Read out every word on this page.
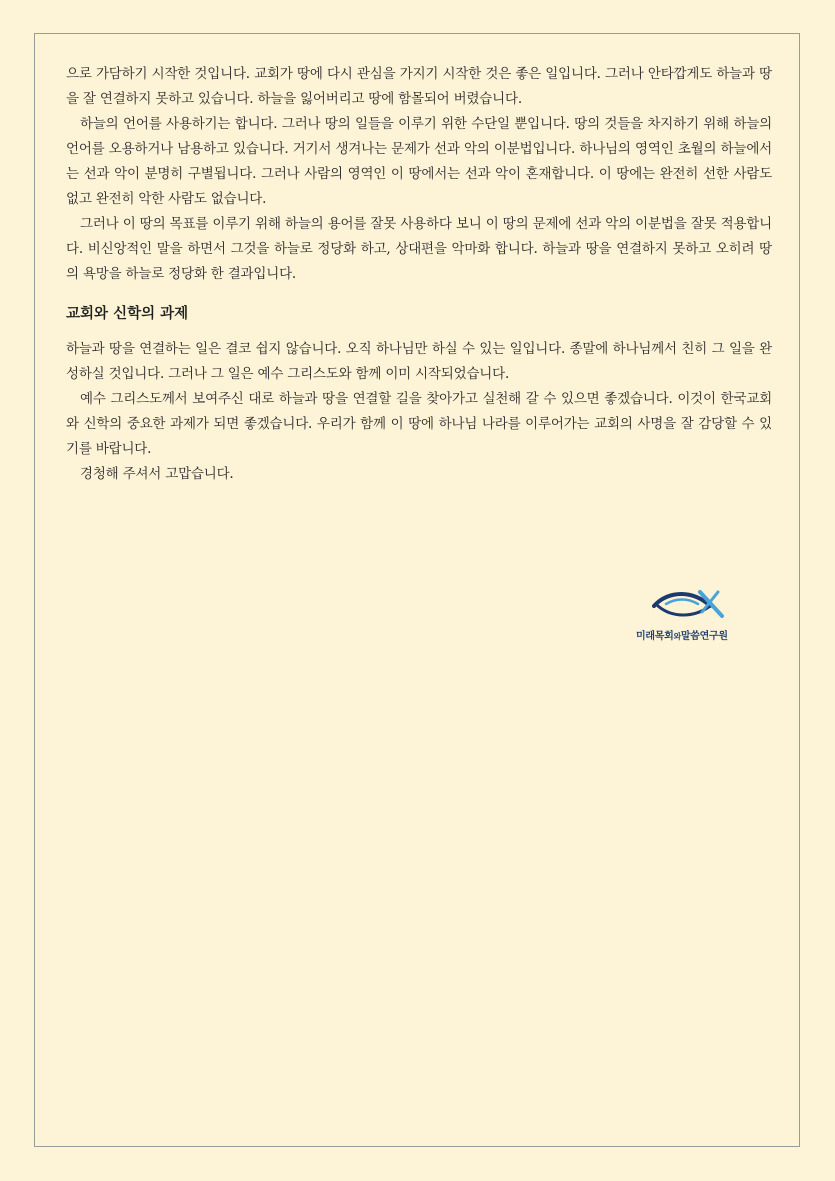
으로 가담하기 시작한 것입니다. 교회가 땅에 다시 관심을 가지기 시작한 것은 좋은 일입니다. 그러나 안타깝게도 하늘과 땅을 잘 연결하지 못하고 있습니다. 하늘을 잃어버리고 땅에 함몰되어 버렸습니다.

하늘의 언어를 사용하기는 합니다. 그러나 땅의 일들을 이루기 위한 수단일 뿐입니다. 땅의 것들을 차지하기 위해 하늘의 언어를 오용하거나 남용하고 있습니다. 거기서 생겨나는 문제가 선과 악의 이분법입니다. 하나님의 영역인 초월의 하늘에서는 선과 악이 분명히 구별됩니다. 그러나 사람의 영역인 이 땅에서는 선과 악이 혼재합니다. 이 땅에는 완전히 선한 사람도 없고 완전히 악한 사람도 없습니다.

그러나 이 땅의 목표를 이루기 위해 하늘의 용어를 잘못 사용하다 보니 이 땅의 문제에 선과 악의 이분법을 잘못 적용합니다. 비신앙적인 말을 하면서 그것을 하늘로 정당화 하고, 상대편을 악마화 합니다. 하늘과 땅을 연결하지 못하고 오히려 땅의 욕망을 하늘로 정당화 한 결과입니다.

교회와 신학의 과제

하늘과 땅을 연결하는 일은 결코 쉽지 않습니다. 오직 하나님만 하실 수 있는 일입니다. 종말에 하나님께서 친히 그 일을 완성하실 것입니다. 그러나 그 일은 예수 그리스도와 함께 이미 시작되었습니다.

예수 그리스도께서 보여주신 대로 하늘과 땅을 연결할 길을 찾아가고 실천해 갈 수 있으면 좋겠습니다. 이것이 한국교회와 신학의 중요한 과제가 되면 좋겠습니다. 우리가 함께 이 땅에 하나님 나라를 이루어가는 교회의 사명을 잘 감당할 수 있기를 바랍니다.

경청해 주셔서 고맙습니다.

미래목회와말씀연구원
